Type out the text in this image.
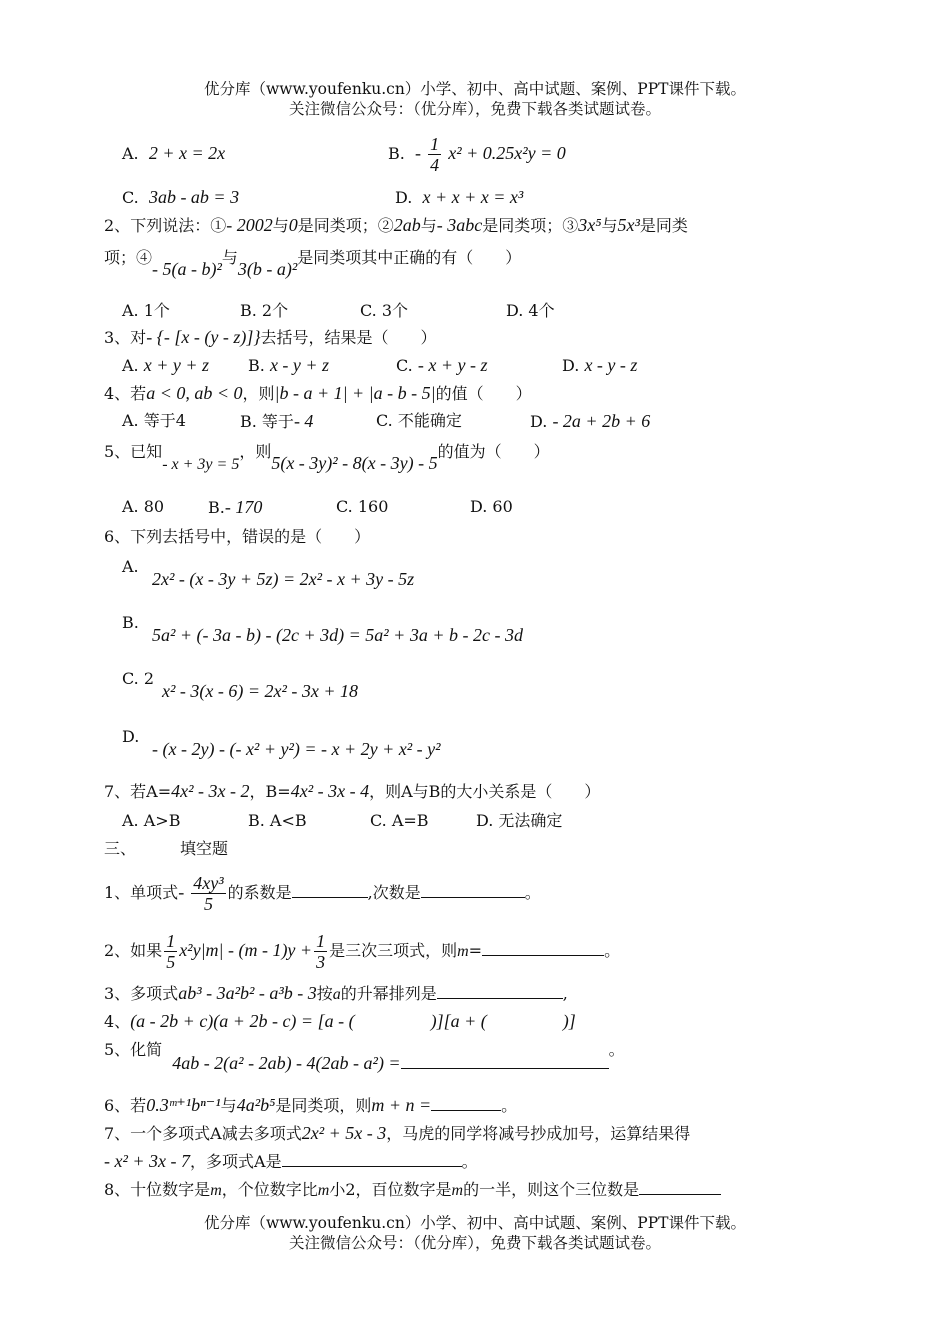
优分库（www.youfenku.cn）小学、初中、高中试题、案例、PPT课件下载。
关注微信公众号：（优分库），免费下载各类试题试卷。
A. 2 + x = 2x	B. - $\frac{1}{4} x^2 + 0.25x^2y = 0$
C. 3ab - ab = 3	D. x + x + x = x³
2、下列说法：①- 2002与0是同类项；②2ab与- 3abc是同类项；③3x⁵与5x³是同类
项；④- 5(a - b)²与3(b - a)²是同类项其中正确的有（　　）
A. 1个	B. 2个	C. 3个	D. 4个
3、对- {- [x - (y - z)]}去括号，结果是（　　）
A. x + y + z B. x - y + z	C. - x + y - z	D. x - y - z
4、若a < 0, ab < 0，则|b - a + 1| + |a - b - 5|的值（　　）
A. 等于4	B. 等于- 4	C. 不能确定	D. - 2a + 2b + 6
5、已知- x + 3y = 5，则5(x - 3y)² - 8(x - 3y) - 5的值为（　　）
A. 80	B.- 170	C. 160	D. 60
6、下列去括号中，错误的是（　　）
A.
2x² - (x - 3y + 5z) = 2x² - x + 3y - 5z
B.
5a² + (- 3a - b) - (2c + 3d) = 5a² + 3a + b - 2c - 3d
C. 2
x² - 3(x - 6) = 2x² - 3x + 18
D.
- (x - 2y) - (- x² + y²) = - x + 2y + x² - y²
7、若A=4x² - 3x - 2，B=4x² - 3x - 4，则A与B的大小关系是（　　）
A. A>B	B. A<B	C. A=B	D. 无法确定
三、	填空题
1、单项式- $\frac{\text{4xy³}}{5}$ 的系数是	,次数是	。
2、如果 $\frac{1}{5} x^2y|m| - (m - 1)y + \frac{1}{3}$ 是三次三项式，则m=	。
3、多项式ab³ - 3a²b² - a³b - 3按a的升幂排列是	,
4、(a - 2b + c)(a + 2b - c) = [a - (	)][a + (	)]
5、化简4ab - 2(a² - 2ab) - 4(2ab - a²) =。
6、若0.3ᵐ⁺¹bⁿ⁻¹与4a²b⁵是同类项，则m + n =	。
7、一个多项式A减去多项式2x² + 5x - 3，马虎的同学将减号抄成加号，运算结果得
- x² + 3x - 7，多项式A是	。
8、十位数字是m，个位数字比m小2，百位数字是m的一半，则这个三位数是
优分库（www.youfenku.cn）小学、初中、高中试题、案例、PPT课件下载。
关注微信公众号：（优分库），免费下载各类试题试卷。
